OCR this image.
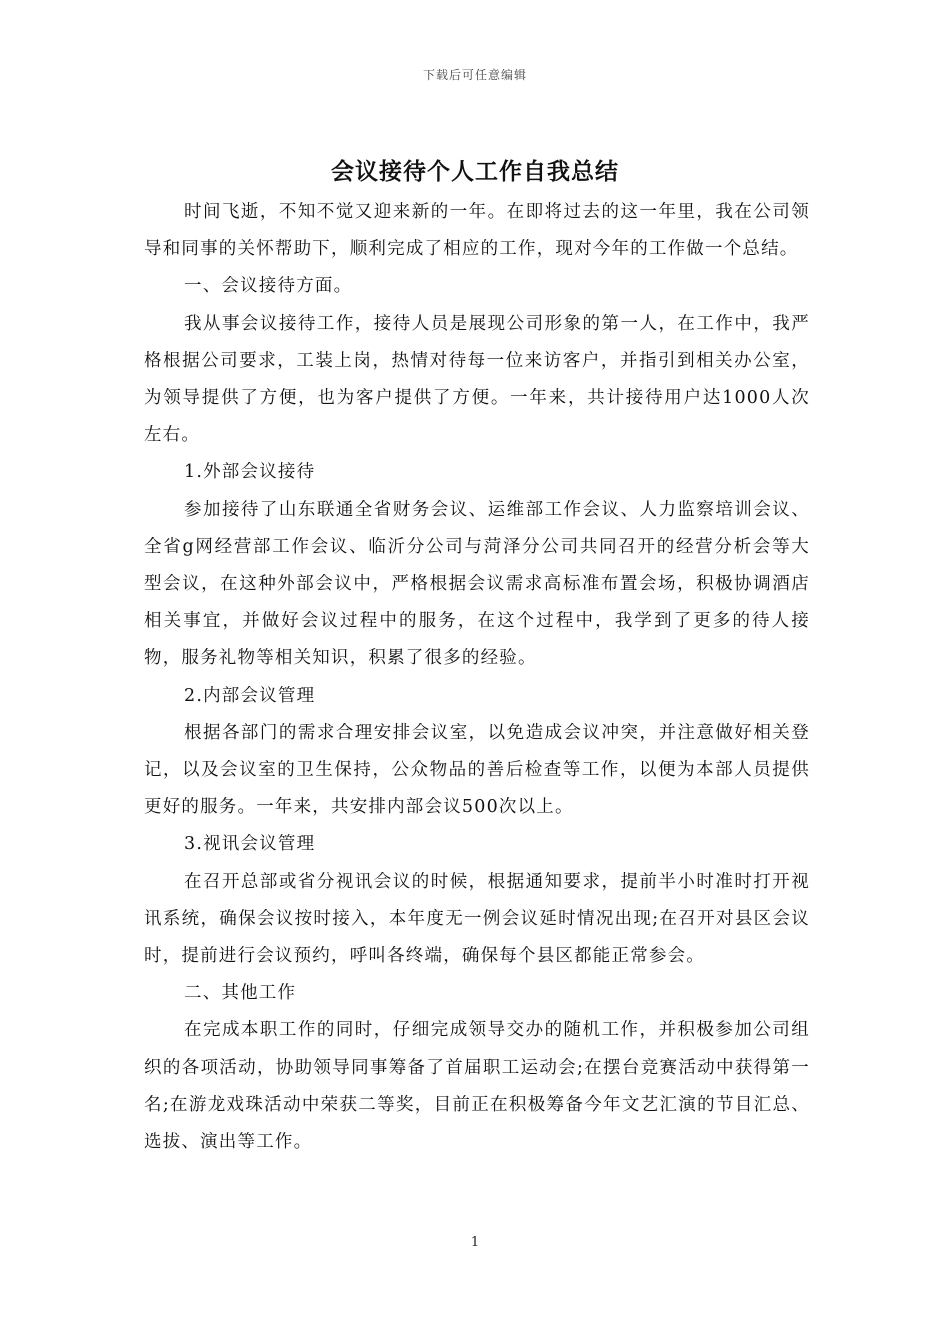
下载后可任意编辑
会议接待个人工作自我总结

时间飞逝，不知不觉又迎来新的一年。在即将过去的这一年里，我在公司领导和同事的关怀帮助下，顺利完成了相应的工作，现对今年的工作做一个总结。

一、会议接待方面。

我从事会议接待工作，接待人员是展现公司形象的第一人，在工作中，我严格根据公司要求，工装上岗，热情对待每一位来访客户，并指引到相关办公室，为领导提供了方便，也为客户提供了方便。一年来，共计接待用户达1000人次左右。

1.外部会议接待

参加接待了山东联通全省财务会议、运维部工作会议、人力监察培训会议、全省g网经营部工作会议、临沂分公司与菏泽分公司共同召开的经营分析会等大型会议，在这种外部会议中，严格根据会议需求高标准布置会场，积极协调酒店相关事宜，并做好会议过程中的服务，在这个过程中，我学到了更多的待人接物，服务礼物等相关知识，积累了很多的经验。

2.内部会议管理

根据各部门的需求合理安排会议室，以免造成会议冲突，并注意做好相关登记，以及会议室的卫生保持，公众物品的善后检查等工作，以便为本部人员提供更好的服务。一年来，共安排内部会议500次以上。

3.视讯会议管理

在召开总部或省分视讯会议的时候，根据通知要求，提前半小时准时打开视讯系统，确保会议按时接入，本年度无一例会议延时情况出现;在召开对县区会议时，提前进行会议预约，呼叫各终端，确保每个县区都能正常参会。

二、其他工作

在完成本职工作的同时，仔细完成领导交办的随机工作，并积极参加公司组织的各项活动，协助领导同事筹备了首届职工运动会;在摆台竞赛活动中获得第一名;在游龙戏珠活动中荣获二等奖，目前正在积极筹备今年文艺汇演的节目汇总、选拔、演出等工作。

1
